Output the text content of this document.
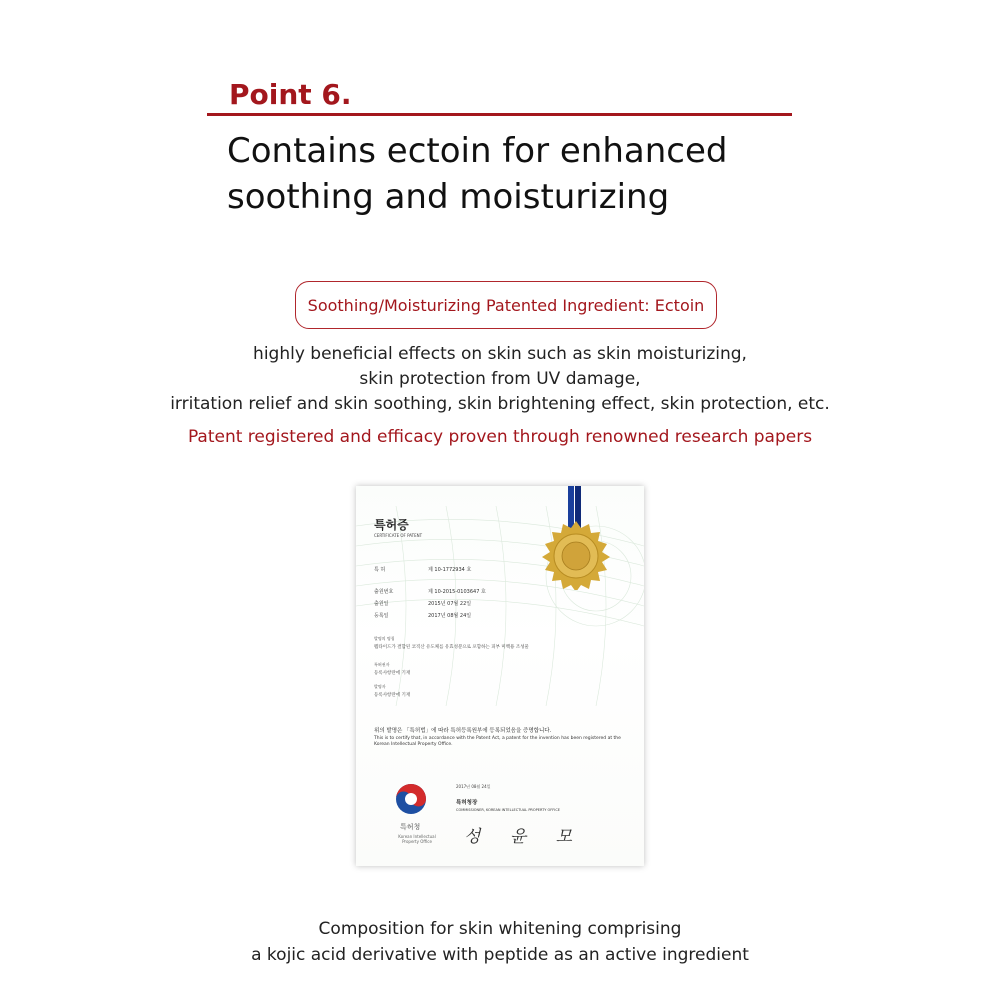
Point 6.
Contains ectoin for enhanced
soothing and moisturizing
Soothing/Moisturizing Patented Ingredient: Ectoin
highly beneficial effects on skin such as skin moisturizing,
skin protection from UV damage,
irritation relief and skin soothing, skin brightening effect, skin protection, etc.
Patent registered and efficacy proven through renowned research papers
특허증
CERTIFICATE OF PATENT
특 허	제 10-1772934 호
출원번호	제 10-2015-0103647 호
출원일	2015년 07월 22일
등록일	2017년 08월 24일
발명의 명칭
펩타이드가 결합된 코직산 유도체를 유효성분으로 포함하는 피부 미백용 조성물
특허권자
등록사항란에 기재
발명자
등록사항란에 기재
위의 발명은 「특허법」에 따라 특허등록원부에 등록되었음을 증명합니다.
This is to certify that, in accordance with the Patent Act, a patent for the invention has been registered at the Korean Intellectual Property Office.
2017년 08월 24일
특허청장
COMMISSIONER, KOREAN INTELLECTUAL PROPERTY OFFICE
특허청
Korean Intellectual Property Office	성 윤 모
Composition for skin whitening comprising
a kojic acid derivative with peptide as an active ingredient
